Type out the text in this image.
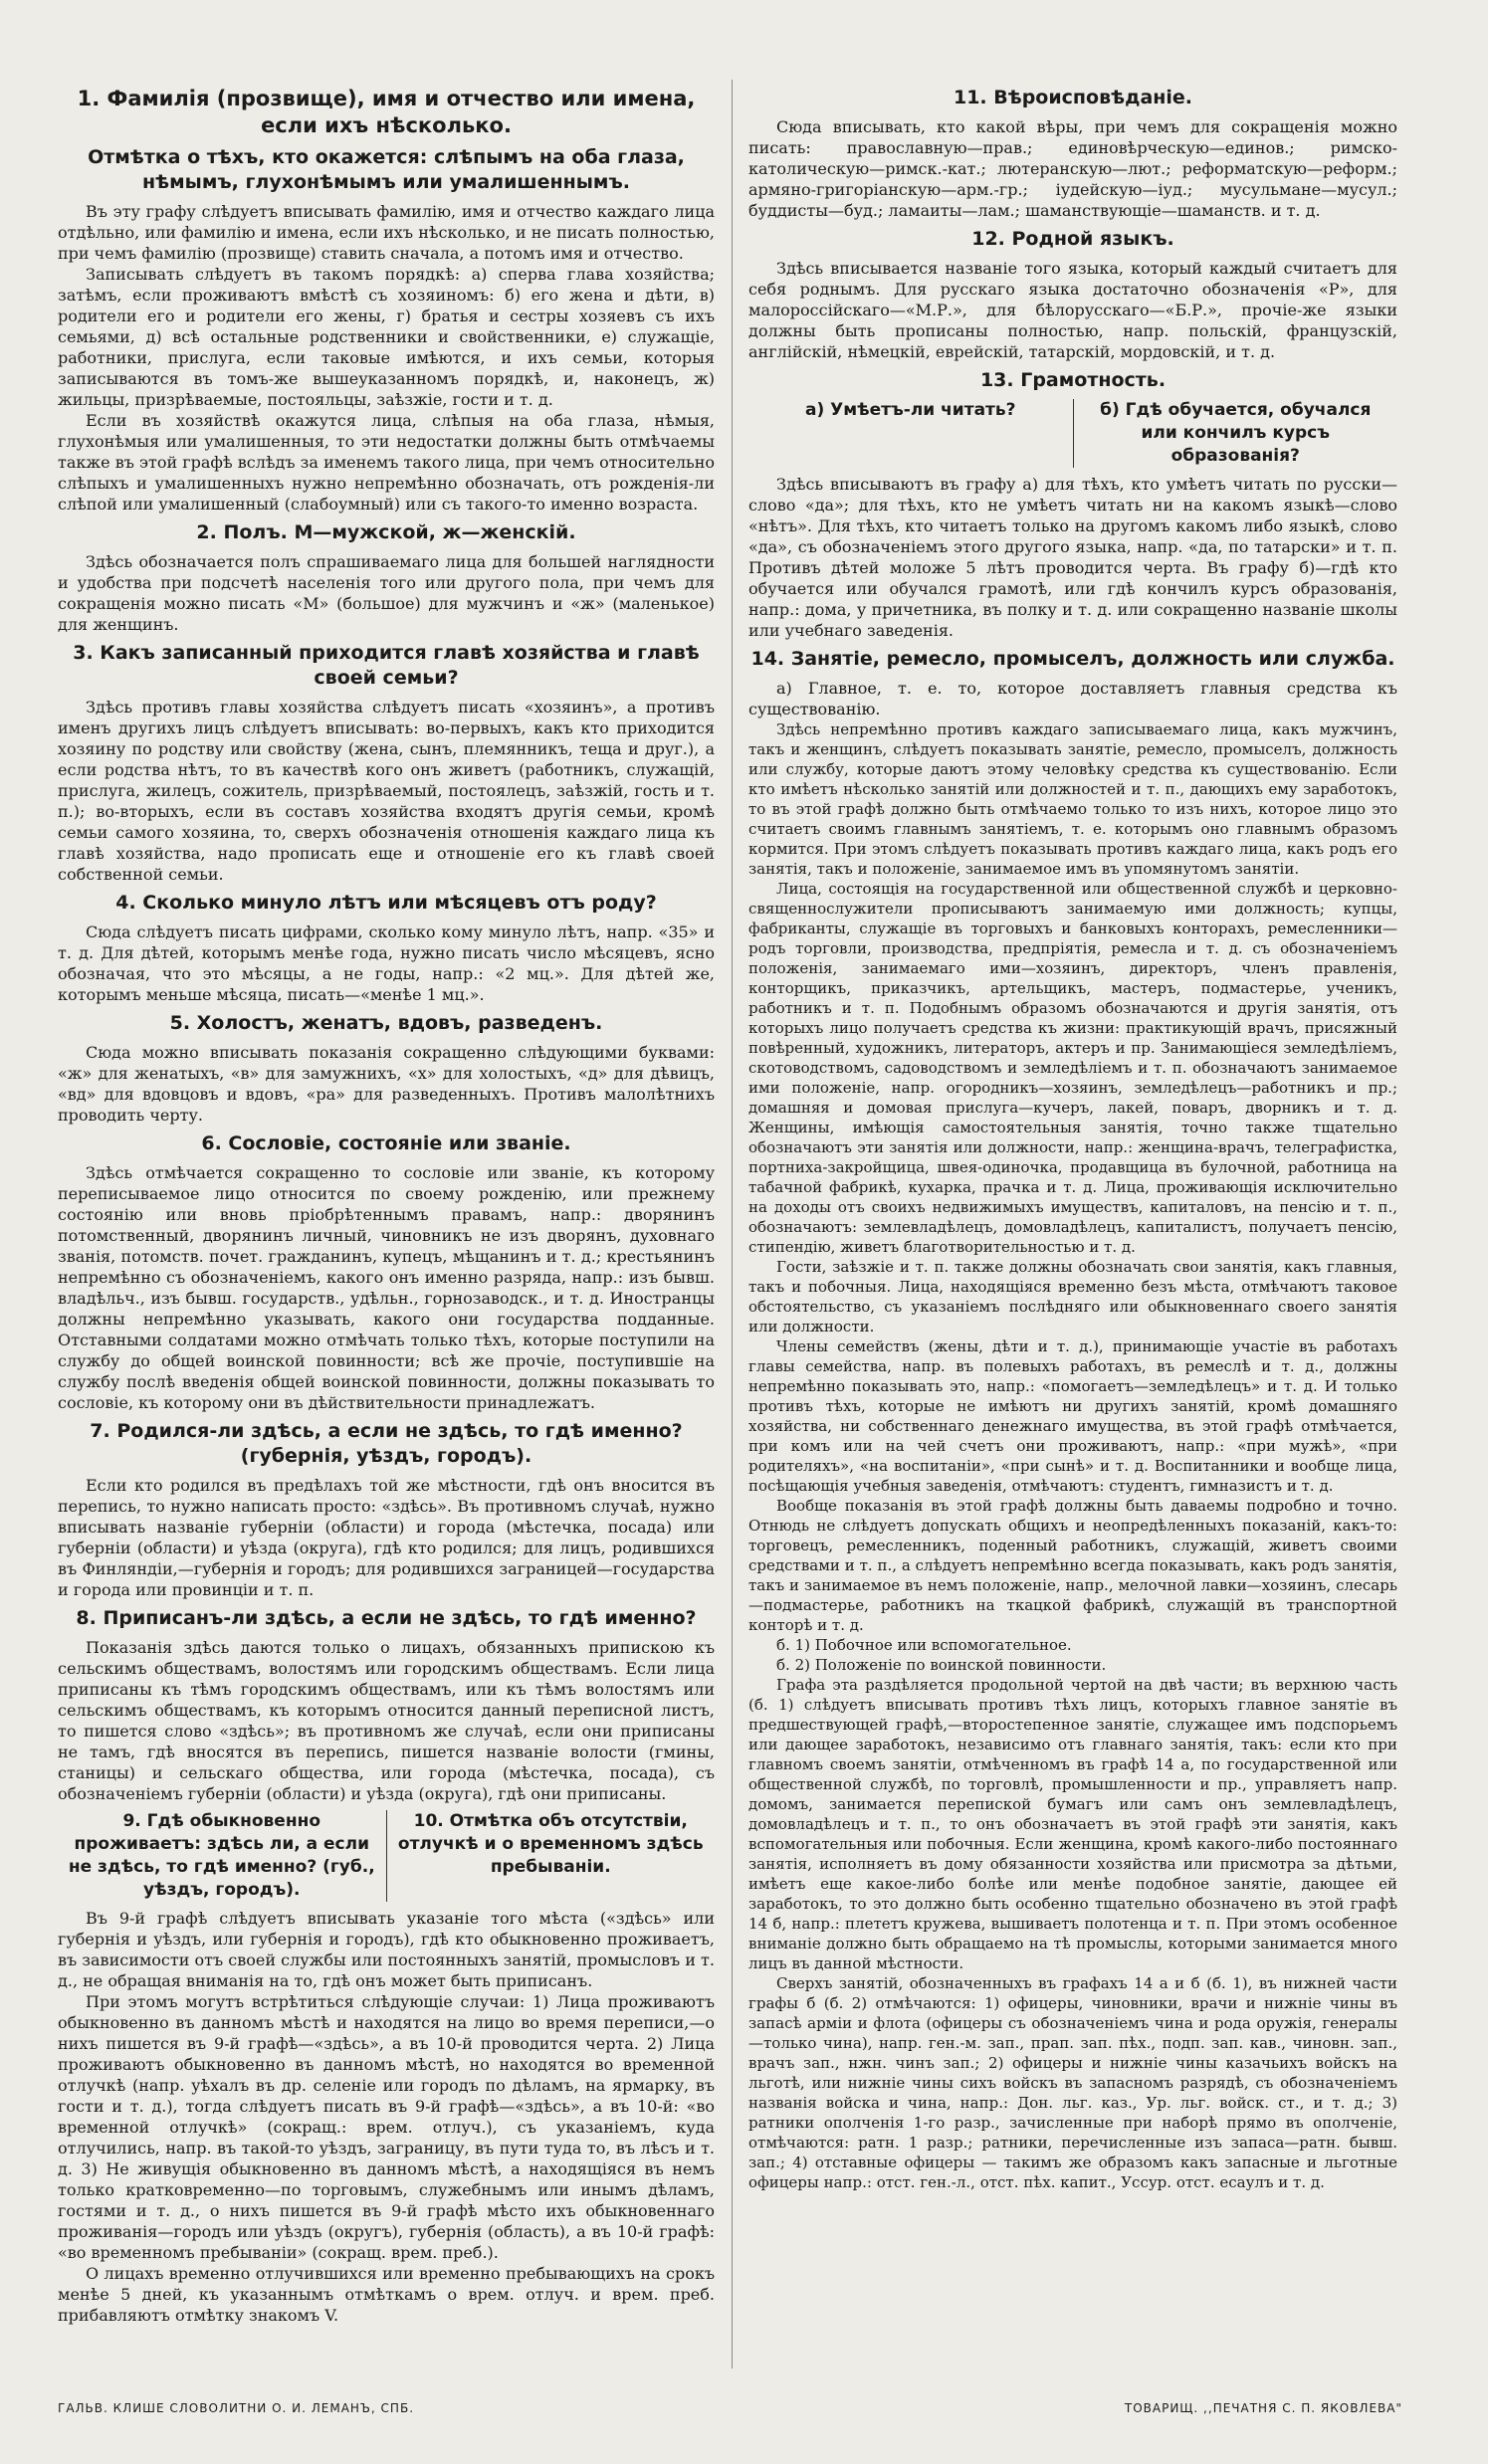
1. Фамилія (прозвище), имя и отчество или имена, если ихъ нѣсколько.
Отмѣтка о тѣхъ, кто окажется: слѣпымъ на оба глаза, нѣмымъ, глухонѣмымъ или умалишеннымъ.

Въ эту графу слѣдуетъ вписывать фамилію, имя и отчество каждаго лица отдѣльно, или фамилію и имена, если ихъ нѣсколько, и не писать полностью, при чемъ фамилію (прозвище) ставить сначала, а потомъ имя и отчество.

Записывать слѣдуетъ въ такомъ порядкѣ: а) сперва глава хозяйства; затѣмъ, если проживаютъ вмѣстѣ съ хозяиномъ: б) его жена и дѣти, в) родители его и родители его жены, г) братья и сестры хозяевъ съ ихъ семьями, д) всѣ остальные родственники и свойственники, е) служащіе, работники, прислуга, если таковые имѣются, и ихъ семьи, которыя записываются въ томъ-же вышеуказанномъ порядкѣ, и, наконецъ, ж) жильцы, призрѣваемые, постояльцы, заѣзжіе, гости и т. д.

Если въ хозяйствѣ окажутся лица, слѣпыя на оба глаза, нѣмыя, глухонѣмыя или умалишенныя, то эти недостатки должны быть отмѣчаемы также въ этой графѣ вслѣдъ за именемъ такого лица, при чемъ относительно слѣпыхъ и умалишенныхъ нужно непремѣнно обозначать, отъ рожденія-ли слѣпой или умалишенный (слабоумный) или съ такого-то именно возраста.

2. Полъ. М—мужской, ж—женскій.

Здѣсь обозначается полъ спрашиваемаго лица для большей наглядности и удобства при подсчетѣ населенія того или другого пола, при чемъ для сокращенія можно писать «М» (большое) для мужчинъ и «ж» (маленькое) для женщинъ.

3. Какъ записанный приходится главѣ хозяйства и главѣ своей семьи?

Здѣсь противъ главы хозяйства слѣдуетъ писать «хозяинъ», а противъ именъ другихъ лицъ слѣдуетъ вписывать: во-первыхъ, какъ кто приходится хозяину по родству или свойству (жена, сынъ, племянникъ, теща и друг.), а если родства нѣтъ, то въ качествѣ кого онъ живетъ (работникъ, служащій, прислуга, жилецъ, сожитель, призрѣваемый, постоялецъ, заѣзжій, гость и т. п.); во-вторыхъ, если въ составъ хозяйства входятъ другія семьи, кромѣ семьи самого хозяина, то, сверхъ обозначенія отношенія каждаго лица къ главѣ хозяйства, надо прописать еще и отношеніе его къ главѣ своей собственной семьи.

4. Сколько минуло лѣтъ или мѣсяцевъ отъ роду?

Сюда слѣдуетъ писать цифрами, сколько кому минуло лѣтъ, напр. «35» и т. д. Для дѣтей, которымъ менѣе года, нужно писать число мѣсяцевъ, ясно обозначая, что это мѣсяцы, а не годы, напр.: «2 мц.». Для дѣтей же, которымъ меньше мѣсяца, писать—«менѣе 1 мц.».

5. Холостъ, женатъ, вдовъ, разведенъ.

Сюда можно вписывать показанія сокращенно слѣдующими буквами: «ж» для женатыхъ, «в» для замужнихъ, «х» для холостыхъ, «д» для дѣвицъ, «вд» для вдовцовъ и вдовъ, «ра» для разведенныхъ. Противъ малолѣтнихъ проводить черту.

6. Сословіе, состояніе или званіе.

Здѣсь отмѣчается сокращенно то сословіе или званіе, къ которому переписываемое лицо относится по своему рожденію, или прежнему состоянію или вновь пріобрѣтеннымъ правамъ, напр.: дворянинъ потомственный, дворянинъ личный, чиновникъ не изъ дворянъ, духовнаго званія, потомств. почет. гражданинъ, купецъ, мѣщанинъ и т. д.; крестьянинъ непремѣнно съ обозначеніемъ, какого онъ именно разряда, напр.: изъ бывш. владѣльч., изъ бывш. государств., удѣльн., горнозаводск., и т. д. Иностранцы должны непремѣнно указывать, какого они государства подданные. Отставными солдатами можно отмѣчать только тѣхъ, которые поступили на службу до общей воинской повинности; всѣ же прочіе, поступившіе на службу послѣ введенія общей воинской повинности, должны показывать то сословіе, къ которому они въ дѣйствительности принадлежатъ.

7. Родился-ли здѣсь, а если не здѣсь, то гдѣ именно? (губернія, уѣздъ, городъ).

Если кто родился въ предѣлахъ той же мѣстности, гдѣ онъ вносится въ перепись, то нужно написать просто: «здѣсь». Въ противномъ случаѣ, нужно вписывать названіе губерніи (области) и города (мѣстечка, посада) или губерніи (области) и уѣзда (округа), гдѣ кто родился; для лицъ, родившихся въ Финляндіи,—губернія и городъ; для родившихся заграницей—государства и города или провинціи и т. п.

8. Приписанъ-ли здѣсь, а если не здѣсь, то гдѣ именно?

Показанія здѣсь даются только о лицахъ, обязанныхъ припискою къ сельскимъ обществамъ, волостямъ или городскимъ обществамъ. Если лица приписаны къ тѣмъ городскимъ обществамъ, или къ тѣмъ волостямъ или сельскимъ обществамъ, къ которымъ относится данный переписной листъ, то пишется слово «здѣсь»; въ противномъ же случаѣ, если они приписаны не тамъ, гдѣ вносятся въ перепись, пишется названіе волости (гмины, станицы) и сельскаго общества, или города (мѣстечка, посада), съ обозначеніемъ губерніи (области) и уѣзда (округа), гдѣ они приписаны.

9. Гдѣ обыкновенно проживаетъ: здѣсь ли, а если не здѣсь, то гдѣ именно? (губ., уѣздъ, городъ).
10. Отмѣтка объ отсутствіи, отлучкѣ и о временномъ здѣсь пребываніи.

Въ 9-й графѣ слѣдуетъ вписывать указаніе того мѣста («здѣсь» или губернія и уѣздъ, или губернія и городъ), гдѣ кто обыкновенно проживаетъ, въ зависимости отъ своей службы или постоянныхъ занятій, промысловъ и т. д., не обращая вниманія на то, гдѣ онъ может быть приписанъ.

При этомъ могутъ встрѣтиться слѣдующіе случаи: 1) Лица проживаютъ обыкновенно въ данномъ мѣстѣ и находятся на лицо во время переписи,—о нихъ пишется въ 9-й графѣ—«здѣсь», а въ 10-й проводится черта. 2) Лица проживаютъ обыкновенно въ данномъ мѣстѣ, но находятся во временной отлучкѣ (напр. уѣхалъ въ др. селеніе или городъ по дѣламъ, на ярмарку, въ гости и т. д.), тогда слѣдуетъ писать въ 9-й графѣ—«здѣсь», а въ 10-й: «во временной отлучкѣ» (сокращ.: врем. отлуч.), съ указаніемъ, куда отлучились, напр. въ такой-то уѣздъ, заграницу, въ пути туда то, въ лѣсъ и т. д. 3) Не живущія обыкновенно въ данномъ мѣстѣ, а находящіяся въ немъ только кратковременно—по торговымъ, служебнымъ или инымъ дѣламъ, гостями и т. д., о нихъ пишется въ 9-й графѣ мѣсто ихъ обыкновеннаго проживанія—городъ или уѣздъ (округъ), губернія (область), а въ 10-й графѣ: «во временномъ пребываніи» (сокращ. врем. преб.).

О лицахъ временно отлучившихся или временно пребывающихъ на срокъ менѣе 5 дней, къ указаннымъ отмѣткамъ о врем. отлуч. и врем. преб. прибавляютъ отмѣтку знакомъ V.

11. Вѣроисповѣданіе.

Сюда вписывать, кто какой вѣры, при чемъ для сокращенія можно писать: православную—прав.; единовѣрческую—единов.; римско-католическую—римск.-кат.; лютеранскую—лют.; реформатскую—реформ.; армяно-григоріанскую—арм.-гр.; іудейскую—іуд.; мусульмане—мусул.; буддисты—буд.; ламаиты—лам.; шаманствующіе—шаманств. и т. д.

12. Родной языкъ.

Здѣсь вписывается названіе того языка, который каждый считаетъ для себя роднымъ. Для русскаго языка достаточно обозначенія «Р», для малороссійскаго—«М.Р.», для бѣлорусскаго—«Б.Р.», прочіе-же языки должны быть прописаны полностью, напр. польскій, французскій, англійскій, нѣмецкій, еврейскій, татарскій, мордовскій, и т. д.

13. Грамотность.
а) Умѣетъ-ли читать?	б) Гдѣ обучается, обучался или кончилъ курсъ образованія?

Здѣсь вписываютъ въ графу а) для тѣхъ, кто умѣетъ читать по русски—слово «да»; для тѣхъ, кто не умѣетъ читать ни на какомъ языкѣ—слово «нѣтъ». Для тѣхъ, кто читаетъ только на другомъ какомъ либо языкѣ, слово «да», съ обозначеніемъ этого другого языка, напр. «да, по татарски» и т. п. Противъ дѣтей моложе 5 лѣтъ проводится черта. Въ графу б)—гдѣ кто обучается или обучался грамотѣ, или гдѣ кончилъ курсъ образованія, напр.: дома, у причетника, въ полку и т. д. или сокращенно названіе школы или учебнаго заведенія.

14. Занятіе, ремесло, промыселъ, должность или служба.

а) Главное, т. е. то, которое доставляетъ главныя средства къ существованію.

Здѣсь непремѣнно противъ каждаго записываемаго лица, какъ мужчинъ, такъ и женщинъ, слѣдуетъ показывать занятіе, ремесло, промыселъ, должность или службу, которые даютъ этому человѣку средства къ существованію. Если кто имѣетъ нѣсколько занятій или должностей и т. п., дающихъ ему заработокъ, то въ этой графѣ должно быть отмѣчаемо только то изъ нихъ, которое лицо это считаетъ своимъ главнымъ занятіемъ, т. е. которымъ оно главнымъ образомъ кормится. При этомъ слѣдуетъ показывать противъ каждаго лица, какъ родъ его занятія, такъ и положеніе, занимаемое имъ въ упомянутомъ занятіи.

Лица, состоящія на государственной или общественной службѣ и церковно-священнослужители прописываютъ занимаемую ими должность; купцы, фабриканты, служащіе въ торговыхъ и банковыхъ конторахъ, ремесленники—родъ торговли, производства, предпріятія, ремесла и т. д. съ обозначеніемъ положенія, занимаемаго ими—хозяинъ, директоръ, членъ правленія, конторщикъ, приказчикъ, артельщикъ, мастеръ, подмастерье, ученикъ, работникъ и т. п. Подобнымъ образомъ обозначаются и другія занятія, отъ которыхъ лицо получаетъ средства къ жизни: практикующій врачъ, присяжный повѣренный, художникъ, литераторъ, актеръ и пр. Занимающіеся земледѣліемъ, скотоводствомъ, садоводствомъ и земледѣліемъ и т. п. обозначаютъ занимаемое ими положеніе, напр. огородникъ—хозяинъ, земледѣлецъ—работникъ и пр.; домашняя и домовая прислуга—кучеръ, лакей, поваръ, дворникъ и т. д. Женщины, имѣющія самостоятельныя занятія, точно также тщательно обозначаютъ эти занятія или должности, напр.: женщина-врачъ, телеграфистка, портниха-закройщица, швея-одиночка, продавщица въ булочной, работница на табачной фабрикѣ, кухарка, прачка и т. д. Лица, проживающія исключительно на доходы отъ своихъ недвижимыхъ имуществъ, капиталовъ, на пенсію и т. п., обозначаютъ: землевладѣлецъ, домовладѣлецъ, капиталистъ, получаетъ пенсію, стипендію, живетъ благотворительностью и т. д.

Гости, заѣзжіе и т. п. также должны обозначать свои занятія, какъ главныя, такъ и побочныя. Лица, находящіяся временно безъ мѣста, отмѣчаютъ таковое обстоятельство, съ указаніемъ послѣдняго или обыкновеннаго своего занятія или должности.

Члены семействъ (жены, дѣти и т. д.), принимающіе участіе въ работахъ главы семейства, напр. въ полевыхъ работахъ, въ ремеслѣ и т. д., должны непремѣнно показывать это, напр.: «помогаетъ—земледѣлецъ» и т. д. И только противъ тѣхъ, которые не имѣютъ ни другихъ занятій, кромѣ домашняго хозяйства, ни собственнаго денежнаго имущества, въ этой графѣ отмѣчается, при комъ или на чей счетъ они проживаютъ, напр.: «при мужѣ», «при родителяхъ», «на воспитаніи», «при сынѣ» и т. д. Воспитанники и вообще лица, посѣщающія учебныя заведенія, отмѣчаютъ: студентъ, гимназистъ и т. д.

Вообще показанія въ этой графѣ должны быть даваемы подробно и точно. Отнюдь не слѣдуетъ допускать общихъ и неопредѣленныхъ показаній, какъ-то: торговецъ, ремесленникъ, поденный работникъ, служащій, живетъ своими средствами и т. п., а слѣдуетъ непремѣнно всегда показывать, какъ родъ занятія, такъ и занимаемое въ немъ положеніе, напр., мелочной лавки—хозяинъ, слесарь—подмастерье, работникъ на ткацкой фабрикѣ, служащій въ транспортной конторѣ и т. д.

б. 1) Побочное или вспомогательное.

б. 2) Положеніе по воинской повинности.

Графа эта раздѣляется продольной чертой на двѣ части; въ верхнюю часть (б. 1) слѣдуетъ вписывать противъ тѣхъ лицъ, которыхъ главное занятіе въ предшествующей графѣ,—второстепенное занятіе, служащее имъ подспорьемъ или дающее заработокъ, независимо отъ главнаго занятія, такъ: если кто при главномъ своемъ занятіи, отмѣченномъ въ графѣ 14 а, по государственной или общественной службѣ, по торговлѣ, промышленности и пр., управляетъ напр. домомъ, занимается перепиской бумагъ или самъ онъ землевладѣлецъ, домовладѣлецъ и т. п., то онъ обозначаетъ въ этой графѣ эти занятія, какъ вспомогательныя или побочныя. Если женщина, кромѣ какого-либо постояннаго занятія, исполняетъ въ дому обязанности хозяйства или присмотра за дѣтьми, имѣетъ еще какое-либо болѣе или менѣе подобное занятіе, дающее ей заработокъ, то это должно быть особенно тщательно обозначено въ этой графѣ 14 б, напр.: плететъ кружева, вышиваетъ полотенца и т. п. При этомъ особенное вниманіе должно быть обращаемо на тѣ промыслы, которыми занимается много лицъ въ данной мѣстности.

Сверхъ занятій, обозначенныхъ въ графахъ 14 а и б (б. 1), въ нижней части графы б (б. 2) отмѣчаются: 1) офицеры, чиновники, врачи и нижніе чины въ запасѣ арміи и флота (офицеры съ обозначеніемъ чина и рода оружія, генералы—только чина), напр. ген.-м. зап., прап. зап. пѣх., подп. зап. кав., чиновн. зап., врачъ зап., нжн. чинъ зап.; 2) офицеры и нижніе чины казачьихъ войскъ на льготѣ, или нижніе чины сихъ войскъ въ запасномъ разрядѣ, съ обозначеніемъ названія войска и чина, напр.: Дон. льг. каз., Ур. льг. войск. ст., и т. д.; 3) ратники ополченія 1-го разр., зачисленные при наборѣ прямо въ ополченіе, отмѣчаются: ратн. 1 разр.; ратники, перечисленные изъ запаса—ратн. бывш. зап.; 4) отставные офицеры — такимъ же образомъ какъ запасные и льготные офицеры напр.: отст. ген.-л., отст. пѣх. капит., Уссур. отст. есаулъ и т. д.

ГАЛЬВ. КЛИШЕ СЛОВОЛИТНИ О. И. ЛЕМАНЪ, СПБ.	ТОВАРИЩ. ,,ПЕЧАТНЯ С. П. ЯКОВЛЕВА"
